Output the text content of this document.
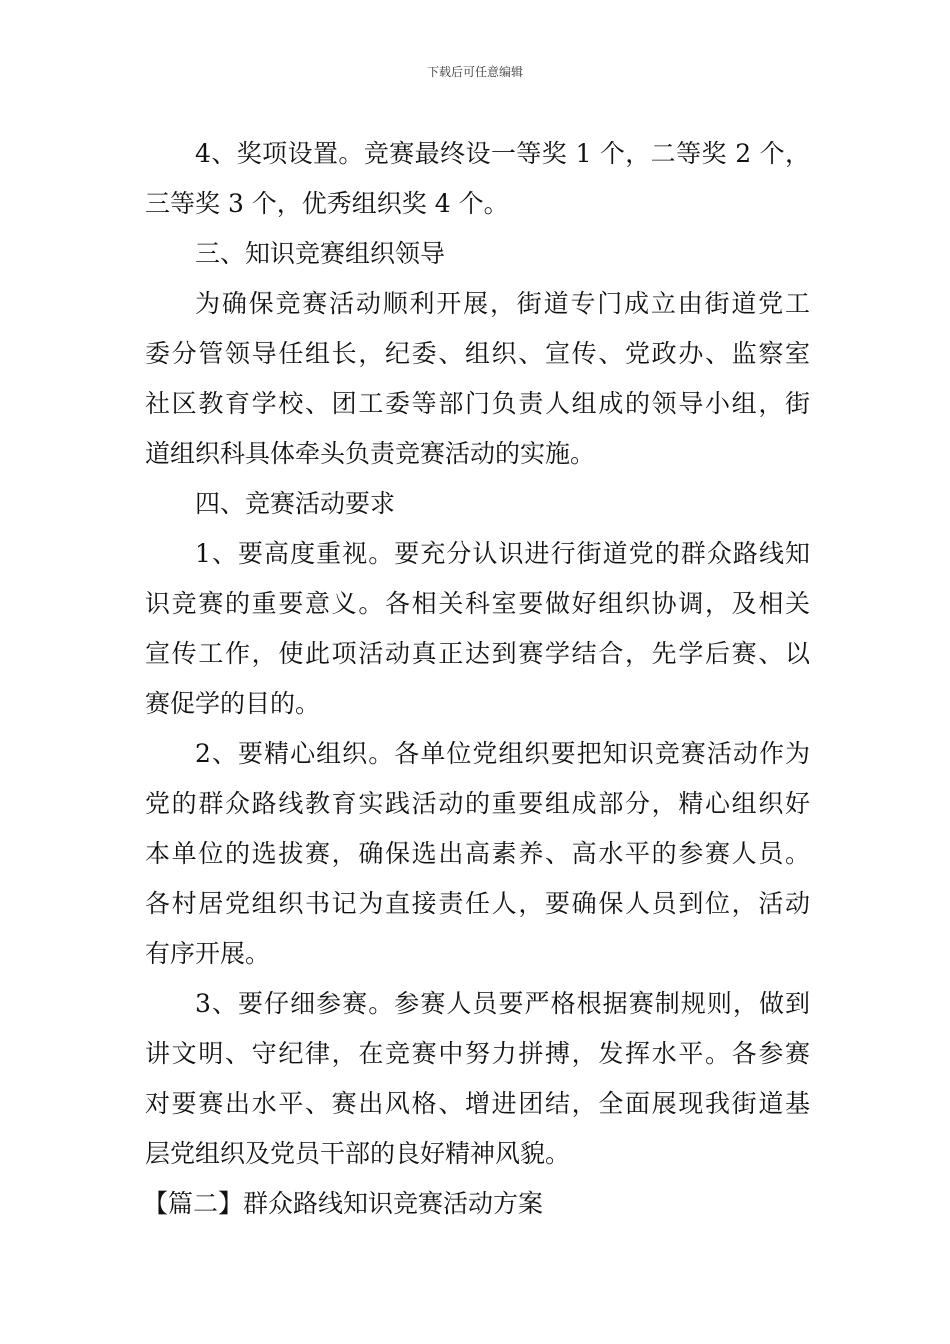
下载后可任意编辑
4、奖项设置。竞赛最终设一等奖 1 个，二等奖 2 个，
三等奖 3 个，优秀组织奖 4 个。
三、知识竞赛组织领导
为确保竞赛活动顺利开展，街道专门成立由街道党工
委分管领导任组长，纪委、组织、宣传、党政办、监察室
社区教育学校、团工委等部门负责人组成的领导小组，街
道组织科具体牵头负责竞赛活动的实施。
四、竞赛活动要求
1、要高度重视。要充分认识进行街道党的群众路线知
识竞赛的重要意义。各相关科室要做好组织协调，及相关
宣传工作，使此项活动真正达到赛学结合，先学后赛、以
赛促学的目的。
2、要精心组织。各单位党组织要把知识竞赛活动作为
党的群众路线教育实践活动的重要组成部分，精心组织好
本单位的选拔赛，确保选出高素养、高水平的参赛人员。
各村居党组织书记为直接责任人，要确保人员到位，活动
有序开展。
3、要仔细参赛。参赛人员要严格根据赛制规则，做到
讲文明、守纪律，在竞赛中努力拼搏，发挥水平。各参赛
对要赛出水平、赛出风格、增进团结，全面展现我街道基
层党组织及党员干部的良好精神风貌。
【篇二】群众路线知识竞赛活动方案
